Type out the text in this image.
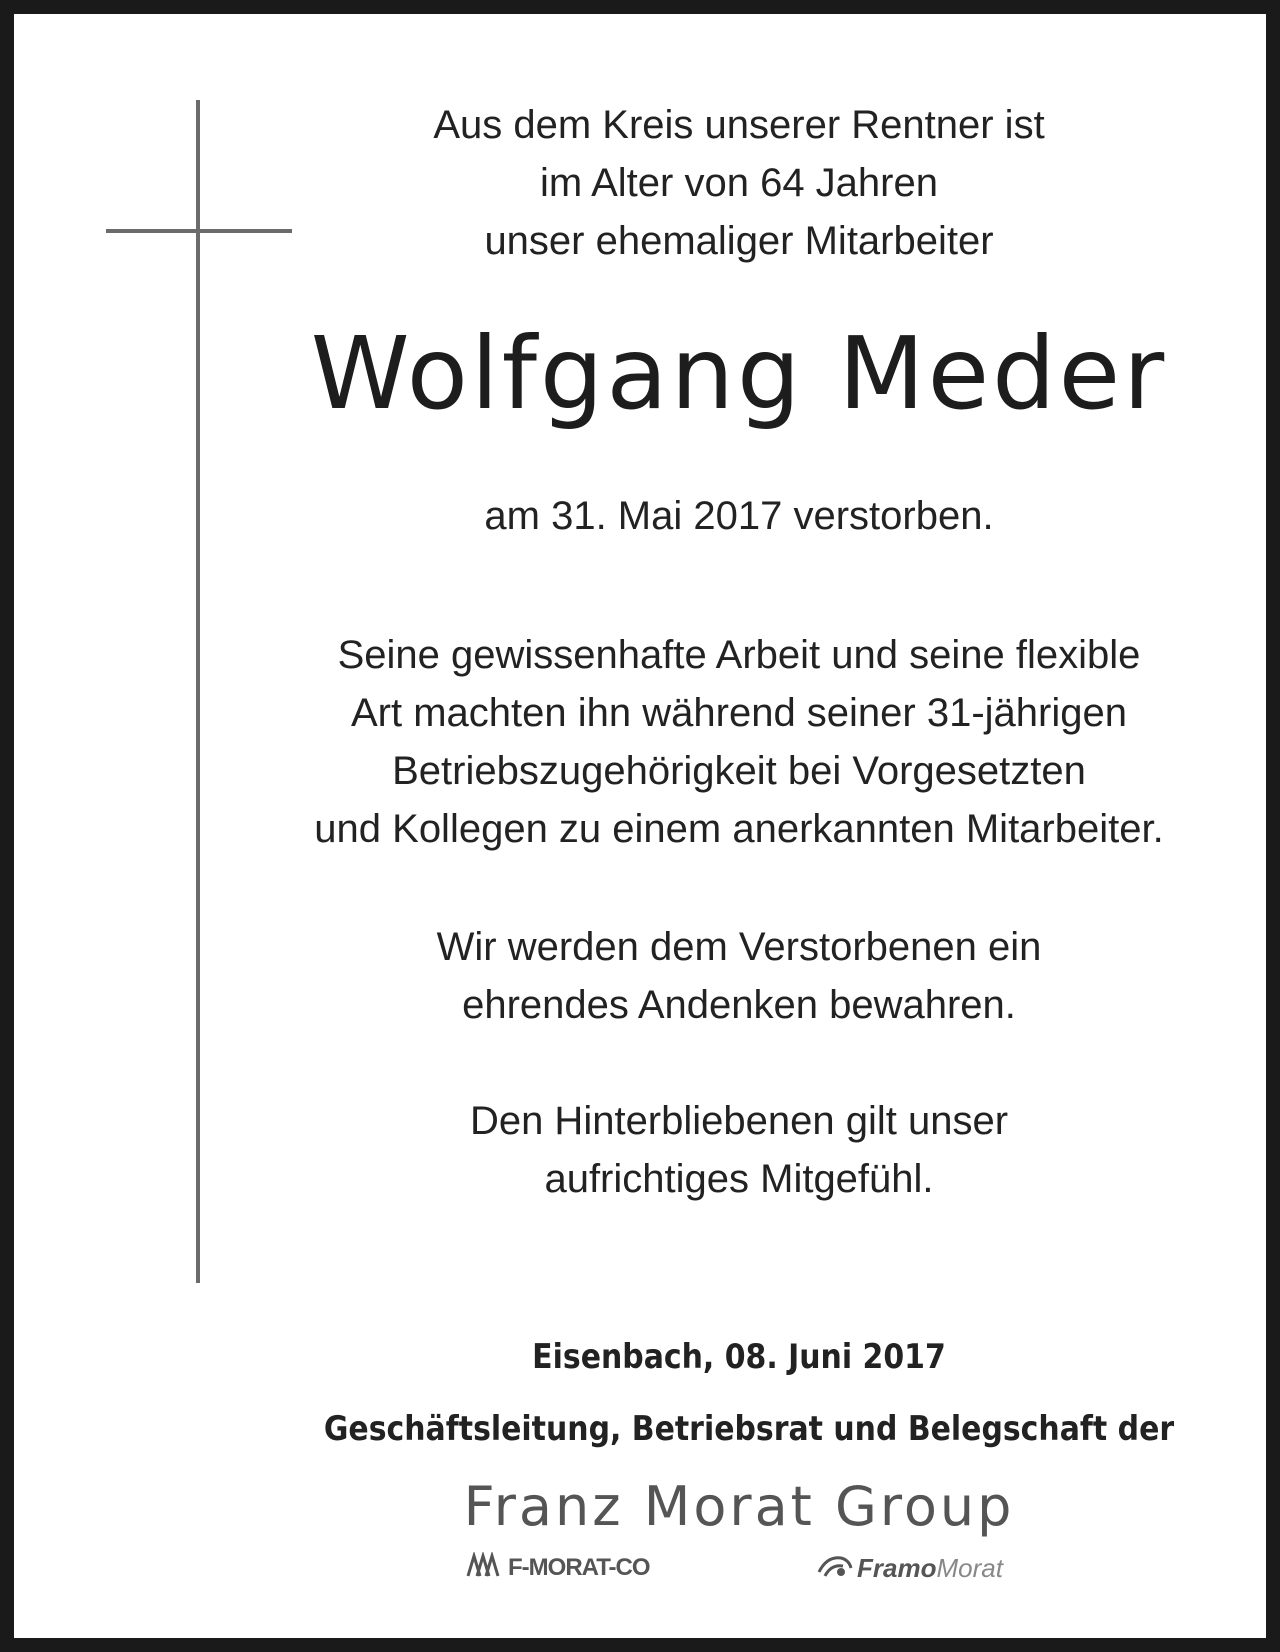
Aus dem Kreis unserer Rentner ist
im Alter von 64 Jahren
unser ehemaliger Mitarbeiter
Wolfgang Meder
am 31. Mai 2017 verstorben.
Seine gewissenhafte Arbeit und seine flexible
Art machten ihn während seiner 31-jährigen
Betriebszugehörigkeit bei Vorgesetzten
und Kollegen zu einem anerkannten Mitarbeiter.
Wir werden dem Verstorbenen ein
ehrendes Andenken bewahren.
Den Hinterbliebenen gilt unser
aufrichtiges Mitgefühl.
Eisenbach, 08. Juni 2017
Geschäftsleitung, Betriebsrat und Belegschaft der
Franz Morat Group
F-MORAT-CO	Framo Morat
